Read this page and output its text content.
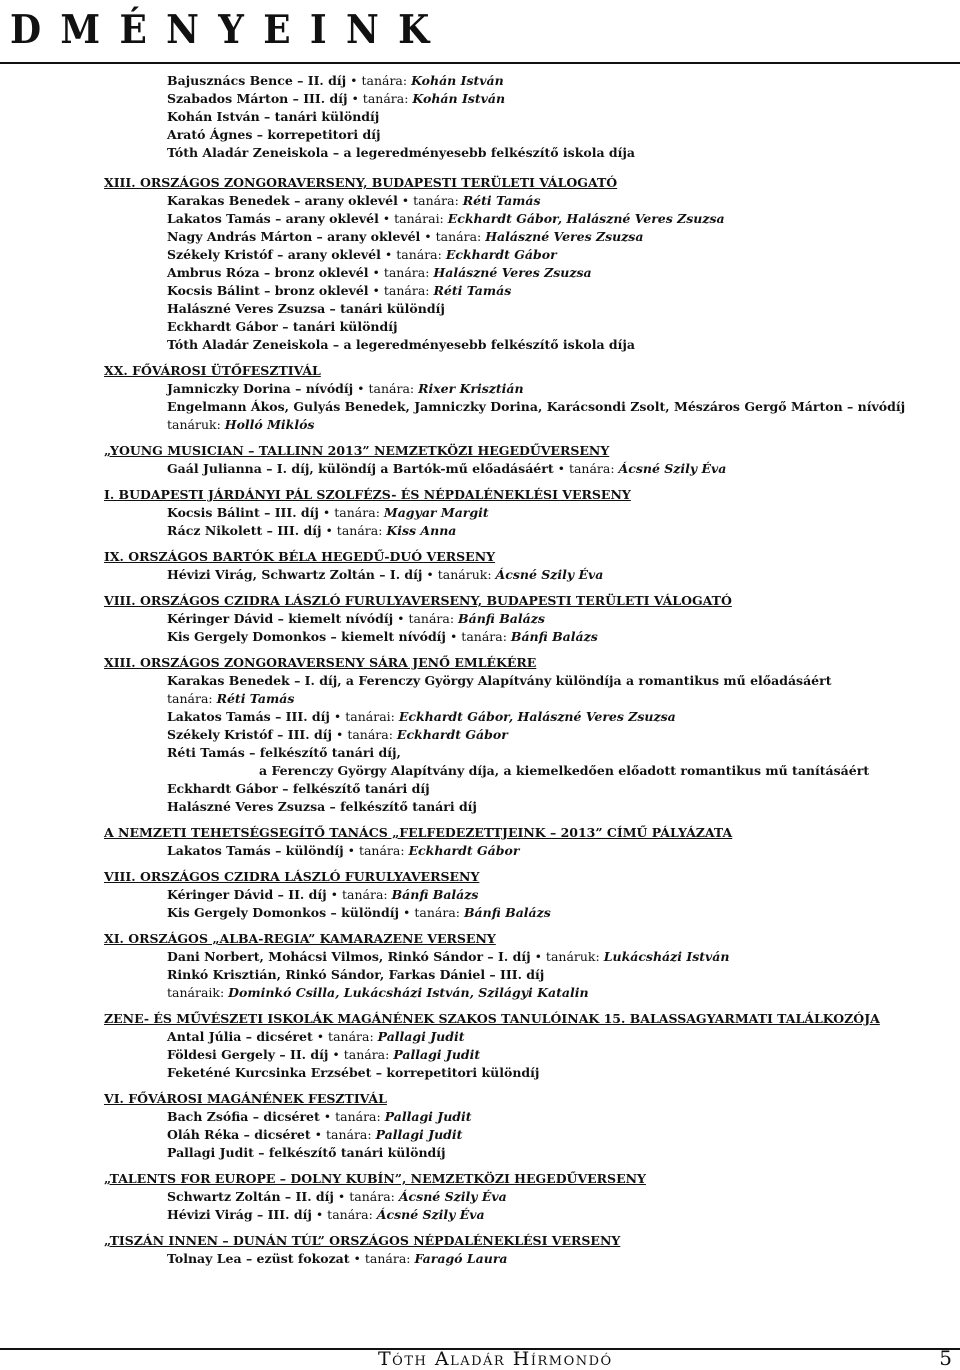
DMÉNYEINK
Bajusznács Bence – II. díj • tanára: Kohán István
Szabados Márton – III. díj • tanára: Kohán István
Kohán István – tanári különdíj
Arató Ágnes – korrepetitori díj
Tóth Aladár Zeneiskola – a legeredményesebb felkészítő iskola díja
XIII. ORSZÁGOS ZONGORAVERSENY, BUDAPESTI TERÜLETI VÁLOGATÓ
Karakas Benedek – arany oklevél • tanára: Réti Tamás
Lakatos Tamás – arany oklevél • tanárai: Eckhardt Gábor, Halászné Veres Zsuzsa
Nagy András Márton – arany oklevél • tanára: Halászné Veres Zsuzsa
Székely Kristóf – arany oklevél • tanára: Eckhardt Gábor
Ambrus Róza – bronz oklevél • tanára: Halászné Veres Zsuzsa
Kocsis Bálint – bronz oklevél • tanára: Réti Tamás
Halászné Veres Zsuzsa – tanári különdíj
Eckhardt Gábor – tanári különdíj
Tóth Aladár Zeneiskola – a legeredményesebb felkészítő iskola díja
XX. FŐVÁROSI ÜTŐFESZTIVÁL
Jamniczky Dorina – nívódíj • tanára: Rixer Krisztián
Engelmann Ákos, Gulyás Benedek, Jamniczky Dorina, Karácsondi Zsolt, Mészáros Gergő Márton – nívódíj
tanáruk: Holló Miklós
„YOUNG MUSICIAN – TALLINN 2013” NEMZETKÖZI HEGEDŰVERSENY
Gaál Julianna – I. díj, különdíj a Bartók-mű előadásáért • tanára: Ácsné Szily Éva
I. BUDAPESTI JÁRDÁNYI PÁL SZOLFÉZS- ÉS NÉPDALÉNEKLÉSI VERSENY
Kocsis Bálint – III. díj • tanára: Magyar Margit
Rácz Nikolett – III. díj • tanára: Kiss Anna
IX. ORSZÁGOS BARTÓK BÉLA HEGEDŰ-DUÓ VERSENY
Hévizi Virág, Schwartz Zoltán – I. díj • tanáruk: Ácsné Szily Éva
VIII. ORSZÁGOS CZIDRA LÁSZLÓ FURULYAVERSENY, BUDAPESTI TERÜLETI VÁLOGATÓ
Kéringer Dávid – kiemelt nívódíj • tanára: Bánfi Balázs
Kis Gergely Domonkos – kiemelt nívódíj • tanára: Bánfi Balázs
XIII. ORSZÁGOS ZONGORAVERSENY SÁRA JENŐ EMLÉKÉRE
Karakas Benedek – I. díj, a Ferenczy György Alapítvány különdíja a romantikus mű előadásáért
tanára: Réti Tamás
Lakatos Tamás – III. díj • tanárai: Eckhardt Gábor, Halászné Veres Zsuzsa
Székely Kristóf – III. díj • tanára: Eckhardt Gábor
Réti Tamás – felkészítő tanári díj,
a Ferenczy György Alapítvány díja, a kiemelkedően előadott romantikus mű tanításáért
Eckhardt Gábor – felkészítő tanári díj
Halászné Veres Zsuzsa – felkészítő tanári díj
A NEMZETI TEHETSÉGSEGÍTŐ TANÁCS „FELFEDEZETTJEINK – 2013” CÍMŰ PÁLYÁZATA
Lakatos Tamás – különdíj • tanára: Eckhardt Gábor
VIII. ORSZÁGOS CZIDRA LÁSZLÓ FURULYAVERSENY
Kéringer Dávid – II. díj • tanára: Bánfi Balázs
Kis Gergely Domonkos – különdíj • tanára: Bánfi Balázs
XI. ORSZÁGOS „ALBA-REGIA” KAMARAZENE VERSENY
Dani Norbert, Mohácsi Vilmos, Rinkó Sándor – I. díj • tanáruk: Lukácsházi István
Rinkó Krisztián, Rinkó Sándor, Farkas Dániel – III. díj
tanáraik: Dominkó Csilla, Lukácsházi István, Szilágyi Katalin
ZENE- ÉS MŰVÉSZETI ISKOLÁK MAGÁNÉNEK SZAKOS TANULÓINAK 15. BALASSAGYARMATI TALÁLKOZÓJA
Antal Júlia – dicséret • tanára: Pallagi Judit
Földesi Gergely – II. díj • tanára: Pallagi Judit
Feketéné Kurcsinka Erzsébet – korrepetitori különdíj
VI. FŐVÁROSI MAGÁNÉNEK FESZTIVÁL
Bach Zsófia – dicséret • tanára: Pallagi Judit
Oláh Réka – dicséret • tanára: Pallagi Judit
Pallagi Judit – felkészítő tanári különdíj
„TALENTS FOR EUROPE – DOLNY KUBÍN”, NEMZETKÖZI HEGEDŰVERSENY
Schwartz Zoltán – II. díj • tanára: Ácsné Szily Éva
Hévizi Virág – III. díj • tanára: Ácsné Szily Éva
„TISZÁN INNEN – DUNÁN TÚL” ORSZÁGOS NÉPDALÉNEKLÉSI VERSENY
Tolnay Lea – ezüst fokozat • tanára: Faragó Laura
Tóth Aladár Hírmondó	5
